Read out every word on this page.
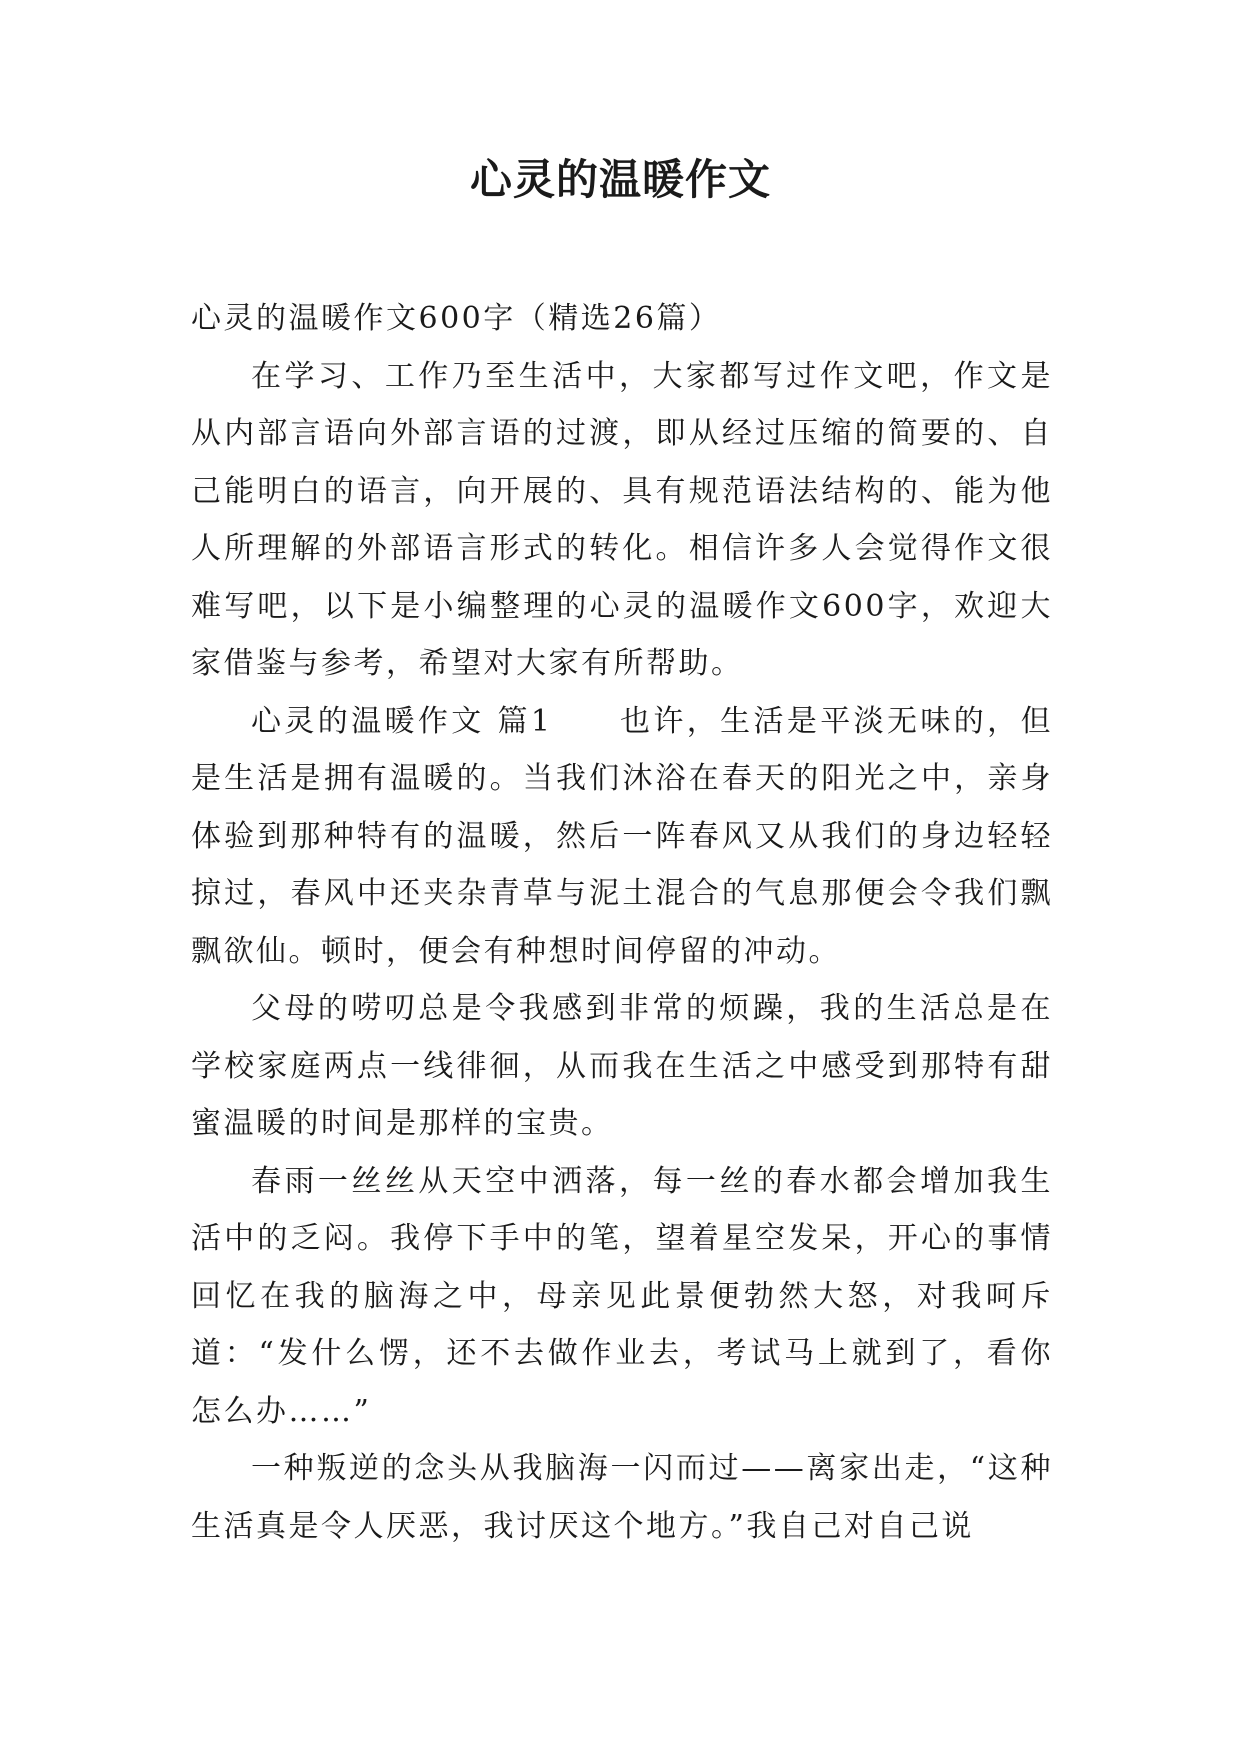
心灵的温暖作文

心灵的温暖作文600字（精选26篇）

在学习、工作乃至生活中，大家都写过作文吧，作文是从内部言语向外部言语的过渡，即从经过压缩的简要的、自己能明白的语言，向开展的、具有规范语法结构的、能为他人所理解的外部语言形式的转化。相信许多人会觉得作文很难写吧，以下是小编整理的心灵的温暖作文600字，欢迎大家借鉴与参考，希望对大家有所帮助。

心灵的温暖作文 篇1　　也许，生活是平淡无味的，但是生活是拥有温暖的。当我们沐浴在春天的阳光之中，亲身体验到那种特有的温暖，然后一阵春风又从我们的身边轻轻掠过，春风中还夹杂青草与泥土混合的气息那便会令我们飘飘欲仙。顿时，便会有种想时间停留的冲动。

父母的唠叨总是令我感到非常的烦躁，我的生活总是在学校家庭两点一线徘徊，从而我在生活之中感受到那特有甜蜜温暖的时间是那样的宝贵。

春雨一丝丝从天空中洒落，每一丝的春水都会增加我生活中的乏闷。我停下手中的笔，望着星空发呆，开心的事情回忆在我的脑海之中，母亲见此景便勃然大怒，对我呵斥道：“发什么愣，还不去做作业去，考试马上就到了，看你怎么办……”

一种叛逆的念头从我脑海一闪而过——离家出走，“这种生活真是令人厌恶，我讨厌这个地方。”我自己对自己说
